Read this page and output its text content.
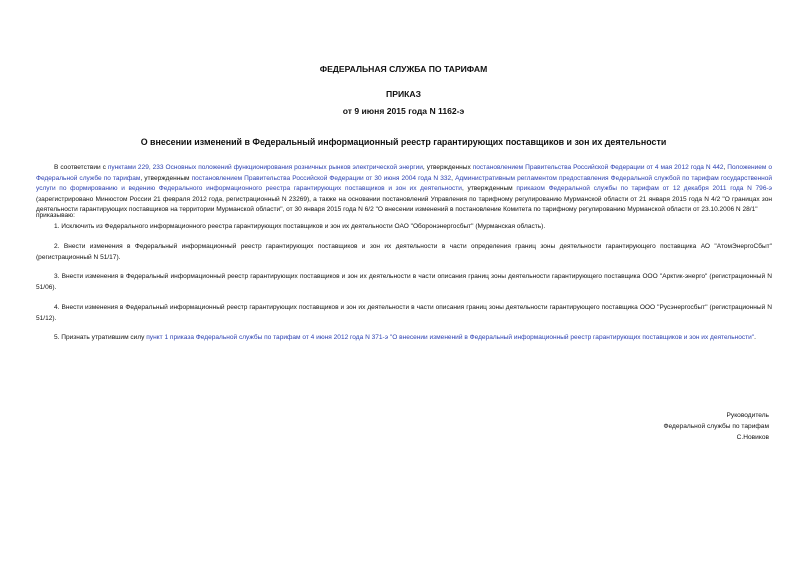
ФЕДЕРАЛЬНАЯ СЛУЖБА ПО ТАРИФАМ
ПРИКАЗ
от 9 июня 2015 года N 1162-э
О внесении изменений в Федеральный информационный реестр гарантирующих поставщиков и зон их деятельности
В соответствии с пунктами 229, 233 Основных положений функционирования розничных рынков электрической энергии, утвержденных постановлением Правительства Российской Федерации от 4 мая 2012 года N 442, Положением о Федеральной службе по тарифам, утвержденным постановлением Правительства Российской Федерации от 30 июня 2004 года N 332, Административным регламентом предоставления Федеральной службой по тарифам государственной услуги по формированию и ведению Федерального информационного реестра гарантирующих поставщиков и зон их деятельности, утвержденным приказом Федеральной службы по тарифам от 12 декабря 2011 года N 796-э (зарегистрировано Минюстом России 21 февраля 2012 года, регистрационный N 23269), а также на основании постановлений Управления по тарифному регулированию Мурманской области от 21 января 2015 года N 4/2 "О границах зон деятельности гарантирующих поставщиков на территории Мурманской области", от 30 января 2015 года N 6/2 "О внесении изменений в постановление Комитета по тарифному регулированию Мурманской области от 23.10.2006 N 28/1"
приказываю:
1. Исключить из Федерального информационного реестра гарантирующих поставщиков и зон их деятельности ОАО "Оборонэнергосбыт" (Мурманская область).
2. Внести изменения в Федеральный информационный реестр гарантирующих поставщиков и зон их деятельности в части определения границ зоны деятельности гарантирующего поставщика АО "АтомЭнергоСбыт" (регистрационный N 51/17).
3. Внести изменения в Федеральный информационный реестр гарантирующих поставщиков и зон их деятельности в части описания границ зоны деятельности гарантирующего поставщика ООО "Арктик-энерго" (регистрационный N 51/06).
4. Внести изменения в Федеральный информационный реестр гарантирующих поставщиков и зон их деятельности в части описания границ зоны деятельности гарантирующего поставщика ООО "Русэнергосбыт" (регистрационный N 51/12).
5. Признать утратившим силу пункт 1 приказа Федеральной службы по тарифам от 4 июня 2012 года N 371-э "О внесении изменений в Федеральный информационный реестр гарантирующих поставщиков и зон их деятельности".
Руководитель
Федеральной службы по тарифам
С.Новиков
